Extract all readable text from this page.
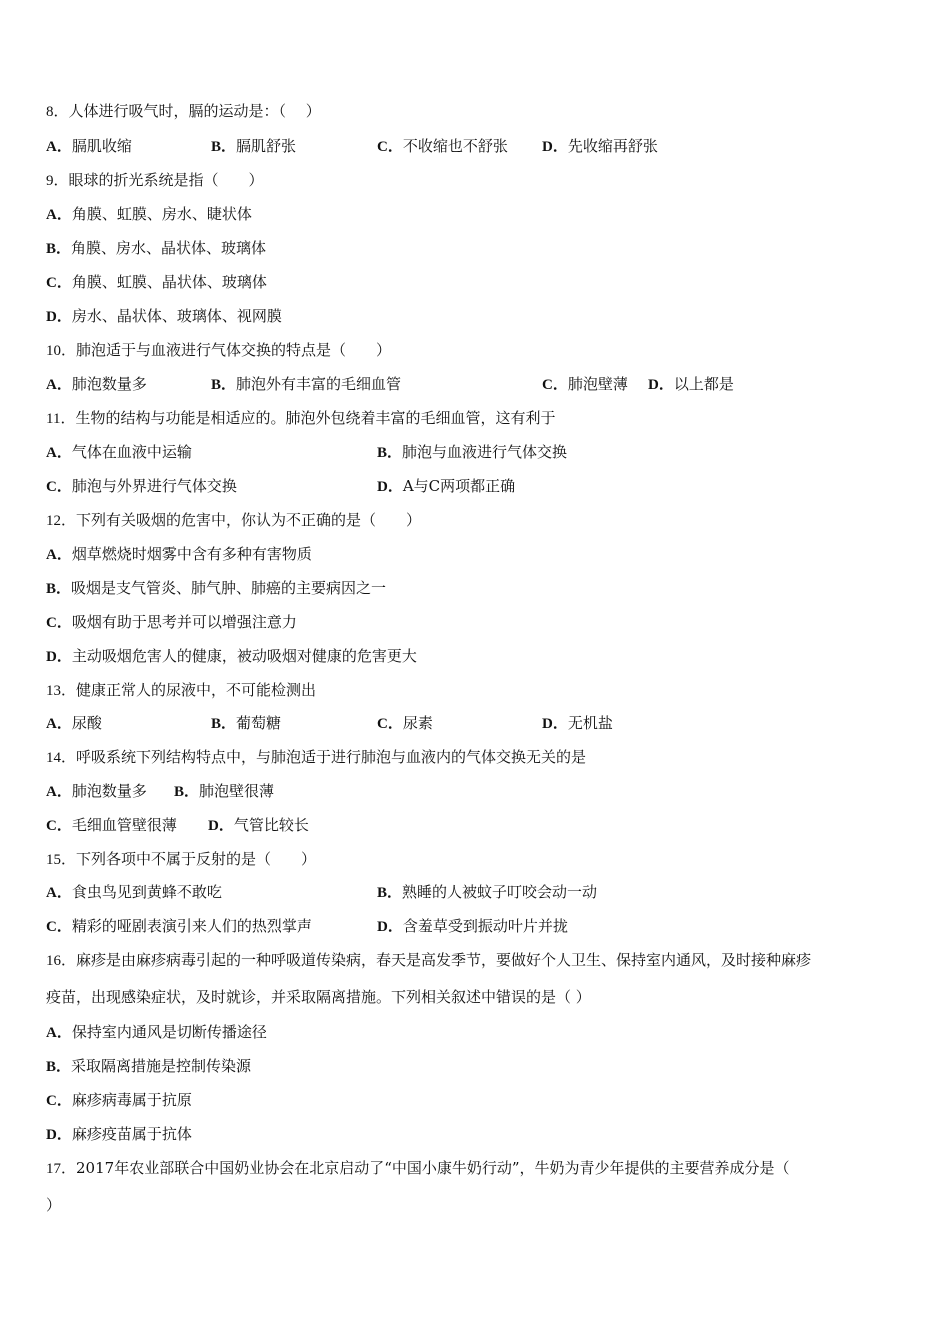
8．人体进行吸气时，膈的运动是：（　 ）
A．膈肌收缩	B．膈肌舒张	C．不收缩也不舒张 D．先收缩再舒张
9．眼球的折光系统是指（　　）
A．角膜、虹膜、房水、睫状体
B．角膜、房水、晶状体、玻璃体
C．角膜、虹膜、晶状体、玻璃体
D．房水、晶状体、玻璃体、视网膜
10．肺泡适于与血液进行气体交换的特点是（　　）
A．肺泡数量多	B．肺泡外有丰富的毛细血管	C．肺泡壁薄 D．以上都是
11．生物的结构与功能是相适应的。肺泡外包绕着丰富的毛细血管，这有利于
A．气体在血液中运输	B．肺泡与血液进行气体交换
C．肺泡与外界进行气体交换	D．A与C两项都正确
12．下列有关吸烟的危害中，你认为不正确的是（　　）
A．烟草燃烧时烟雾中含有多种有害物质
B．吸烟是支气管炎、肺气肿、肺癌的主要病因之一
C．吸烟有助于思考并可以增强注意力
D．主动吸烟危害人的健康，被动吸烟对健康的危害更大
13．健康正常人的尿液中，不可能检测出
A．尿酸	B．葡萄糖	C．尿素	D．无机盐
14．呼吸系统下列结构特点中，与肺泡适于进行肺泡与血液内的气体交换无关的是
A．肺泡数量多 B．肺泡壁很薄
C．毛细血管壁很薄 D．气管比较长
15．下列各项中不属于反射的是（　　）
A．食虫鸟见到黄蜂不敢吃	B．熟睡的人被蚊子叮咬会动一动
C．精彩的哑剧表演引来人们的热烈掌声	D．含羞草受到振动叶片并拢
16．麻疹是由麻疹病毒引起的一种呼吸道传染病，春天是高发季节，要做好个人卫生、保持室内通风，及时接种麻疹
疫苗，出现感染症状，及时就诊，并采取隔离措施。下列相关叙述中错误的是（ ）
A．保持室内通风是切断传播途径
B．采取隔离措施是控制传染源
C．麻疹病毒属于抗原
D．麻疹疫苗属于抗体
17．2017年农业部联合中国奶业协会在北京启动了“中国小康牛奶行动”，牛奶为青少年提供的主要营养成分是（
）
